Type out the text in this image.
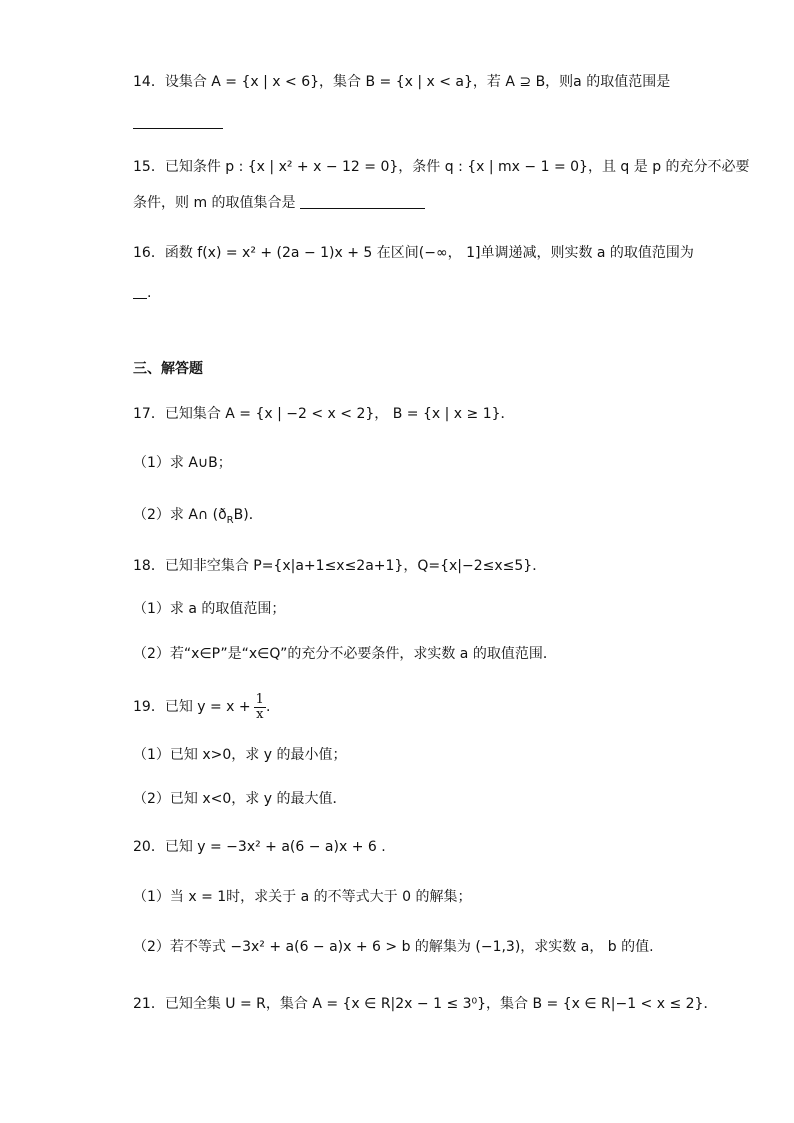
14．设集合 A = {x | x < 6}，集合 B = {x | x < a}，若 A ⊇ B，则a 的取值范围是
15．已知条件 p : {x | x² + x − 12 = 0}，条件 q : {x | mx − 1 = 0}，且 q 是 p 的充分不必要
条件，则 m 的取值集合是
16．函数 f(x) = x² + (2a − 1)x + 5 在区间(−∞， 1]单调递减，则实数 a 的取值范围为
.
三、解答题
17．已知集合 A = {x | −2 < x < 2}， B = {x | x ≥ 1}．
（1）求 A∪B；
（2）求 A∩ $(ð_RB)$．
18．已知非空集合 P={x|a+1≤x≤2a+1}，Q={x|−2≤x≤5}．
（1）求 a 的取值范围；
（2）若“x∈P”是“x∈Q”的充分不必要条件，求实数 a 的取值范围．
19．已知 $y = x + \frac{1}{x}$ .
（1）已知 x>0，求 y 的最小值；
（2）已知 x<0，求 y 的最大值．
20．已知 y = −3x² + a(6 − a)x + 6 .
（1）当 x = 1时，求关于 a 的不等式大于 0 的解集；
（2）若不等式 −3x² + a(6 − a)x + 6 > b 的解集为 (−1,3)，求实数 a， b 的值.
21．已知全集 U = R，集合 A = {x ∈ R|2x − 1 ≤ 3⁰}，集合 B = {x ∈ R|−1 < x ≤ 2}．
